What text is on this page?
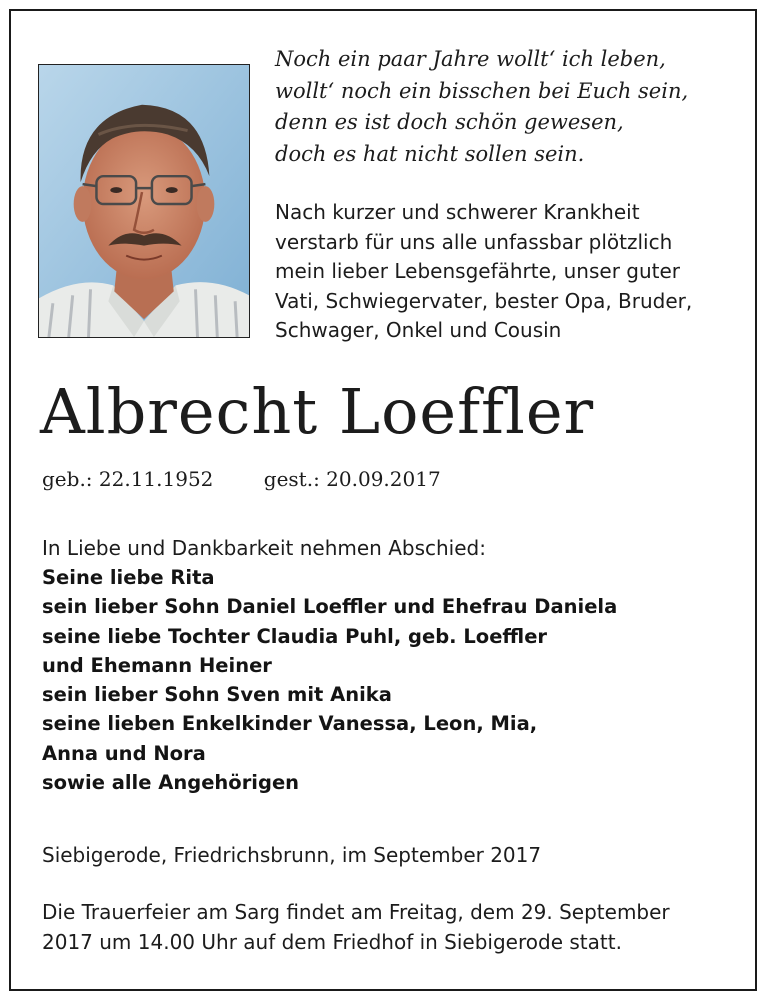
Noch ein paar Jahre wollt‘ ich leben,
wollt‘ noch ein bisschen bei Euch sein,
denn es ist doch schön gewesen,
doch es hat nicht sollen sein.
Nach kurzer und schwerer Krankheit
verstarb für uns alle unfassbar plötzlich
mein lieber Lebensgefährte, unser guter
Vati, Schwiegervater, bester Opa, Bruder,
Schwager, Onkel und Cousin
Albrecht Loeffler
geb.: 22.11.1952	gest.: 20.09.2017
In Liebe und Dankbarkeit nehmen Abschied:
Seine liebe Rita
sein lieber Sohn Daniel Loeffler und Ehefrau Daniela
seine liebe Tochter Claudia Puhl, geb. Loeffler
und Ehemann Heiner
sein lieber Sohn Sven mit Anika
seine lieben Enkelkinder Vanessa, Leon, Mia,
Anna und Nora
sowie alle Angehörigen
Siebigerode, Friedrichsbrunn, im September 2017
Die Trauerfeier am Sarg findet am Freitag, dem 29. September
2017 um 14.00 Uhr auf dem Friedhof in Siebigerode statt.
